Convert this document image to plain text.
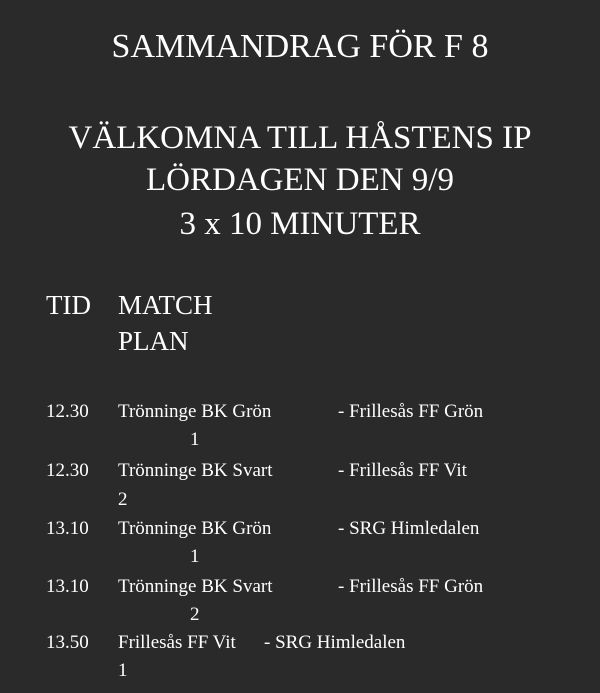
SAMMANDRAG FÖR F 8
VÄLKOMNA TILL HÅSTENS IP
LÖRDAGEN DEN 9/9
3 x 10 MINUTER
TID MATCH
PLAN
12.30 Trönninge BK Grön	- Frillesås FF Grön
1
12.30 Trönninge BK Svart	- Frillesås FF Vit
2
13.10 Trönninge BK Grön	- SRG Himledalen
1
13.10 Trönninge BK Svart	- Frillesås FF Grön
2
13.50 Frillesås FF Vit - SRG Himledalen
1
